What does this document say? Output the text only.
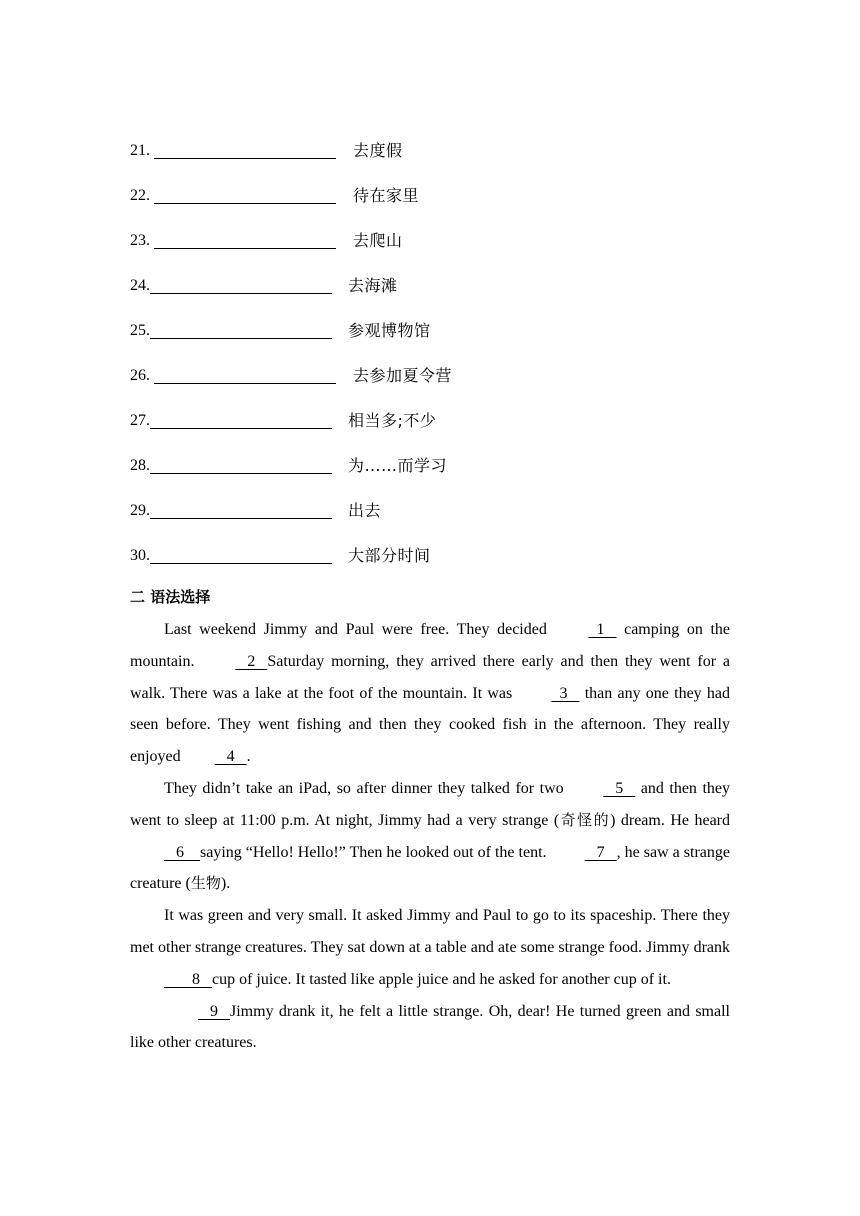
21.	去度假
22.	待在家里
23.	去爬山
24.	去海滩
25.	参观博物馆
26.	去参加夏令营
27.	相当多;不少
28.	为……而学习
29.	出去
30.	大部分时间
二 语法选择

Last weekend Jimmy and Paul were free. They decided   1    camping on the mountain.    2   Saturday morning, they arrived there early and then they went for a walk. There was a lake at the foot of the mountain. It was   3    than any one they had seen before. They went fishing and then they cooked fish in the afternoon. They really enjoyed   4   .

They didn’t take an iPad, so after dinner they talked for two    5    and then they went to sleep at 11:00 p.m. At night, Jimmy had a very strange (奇怪的) dream. He heard   6    saying “Hello! Hello!” Then he looked out of the tent.    7   , he saw a strange creature (生物).

It was green and very small. It asked Jimmy and Paul to go to its spaceship. There they met other strange creatures. They sat down at a table and ate some strange food. Jimmy drank        8   cup of juice. It tasted like apple juice and he asked for another cup of it.

9   Jimmy drank it, he felt a little strange. Oh, dear! He turned green and small like other creatures.
